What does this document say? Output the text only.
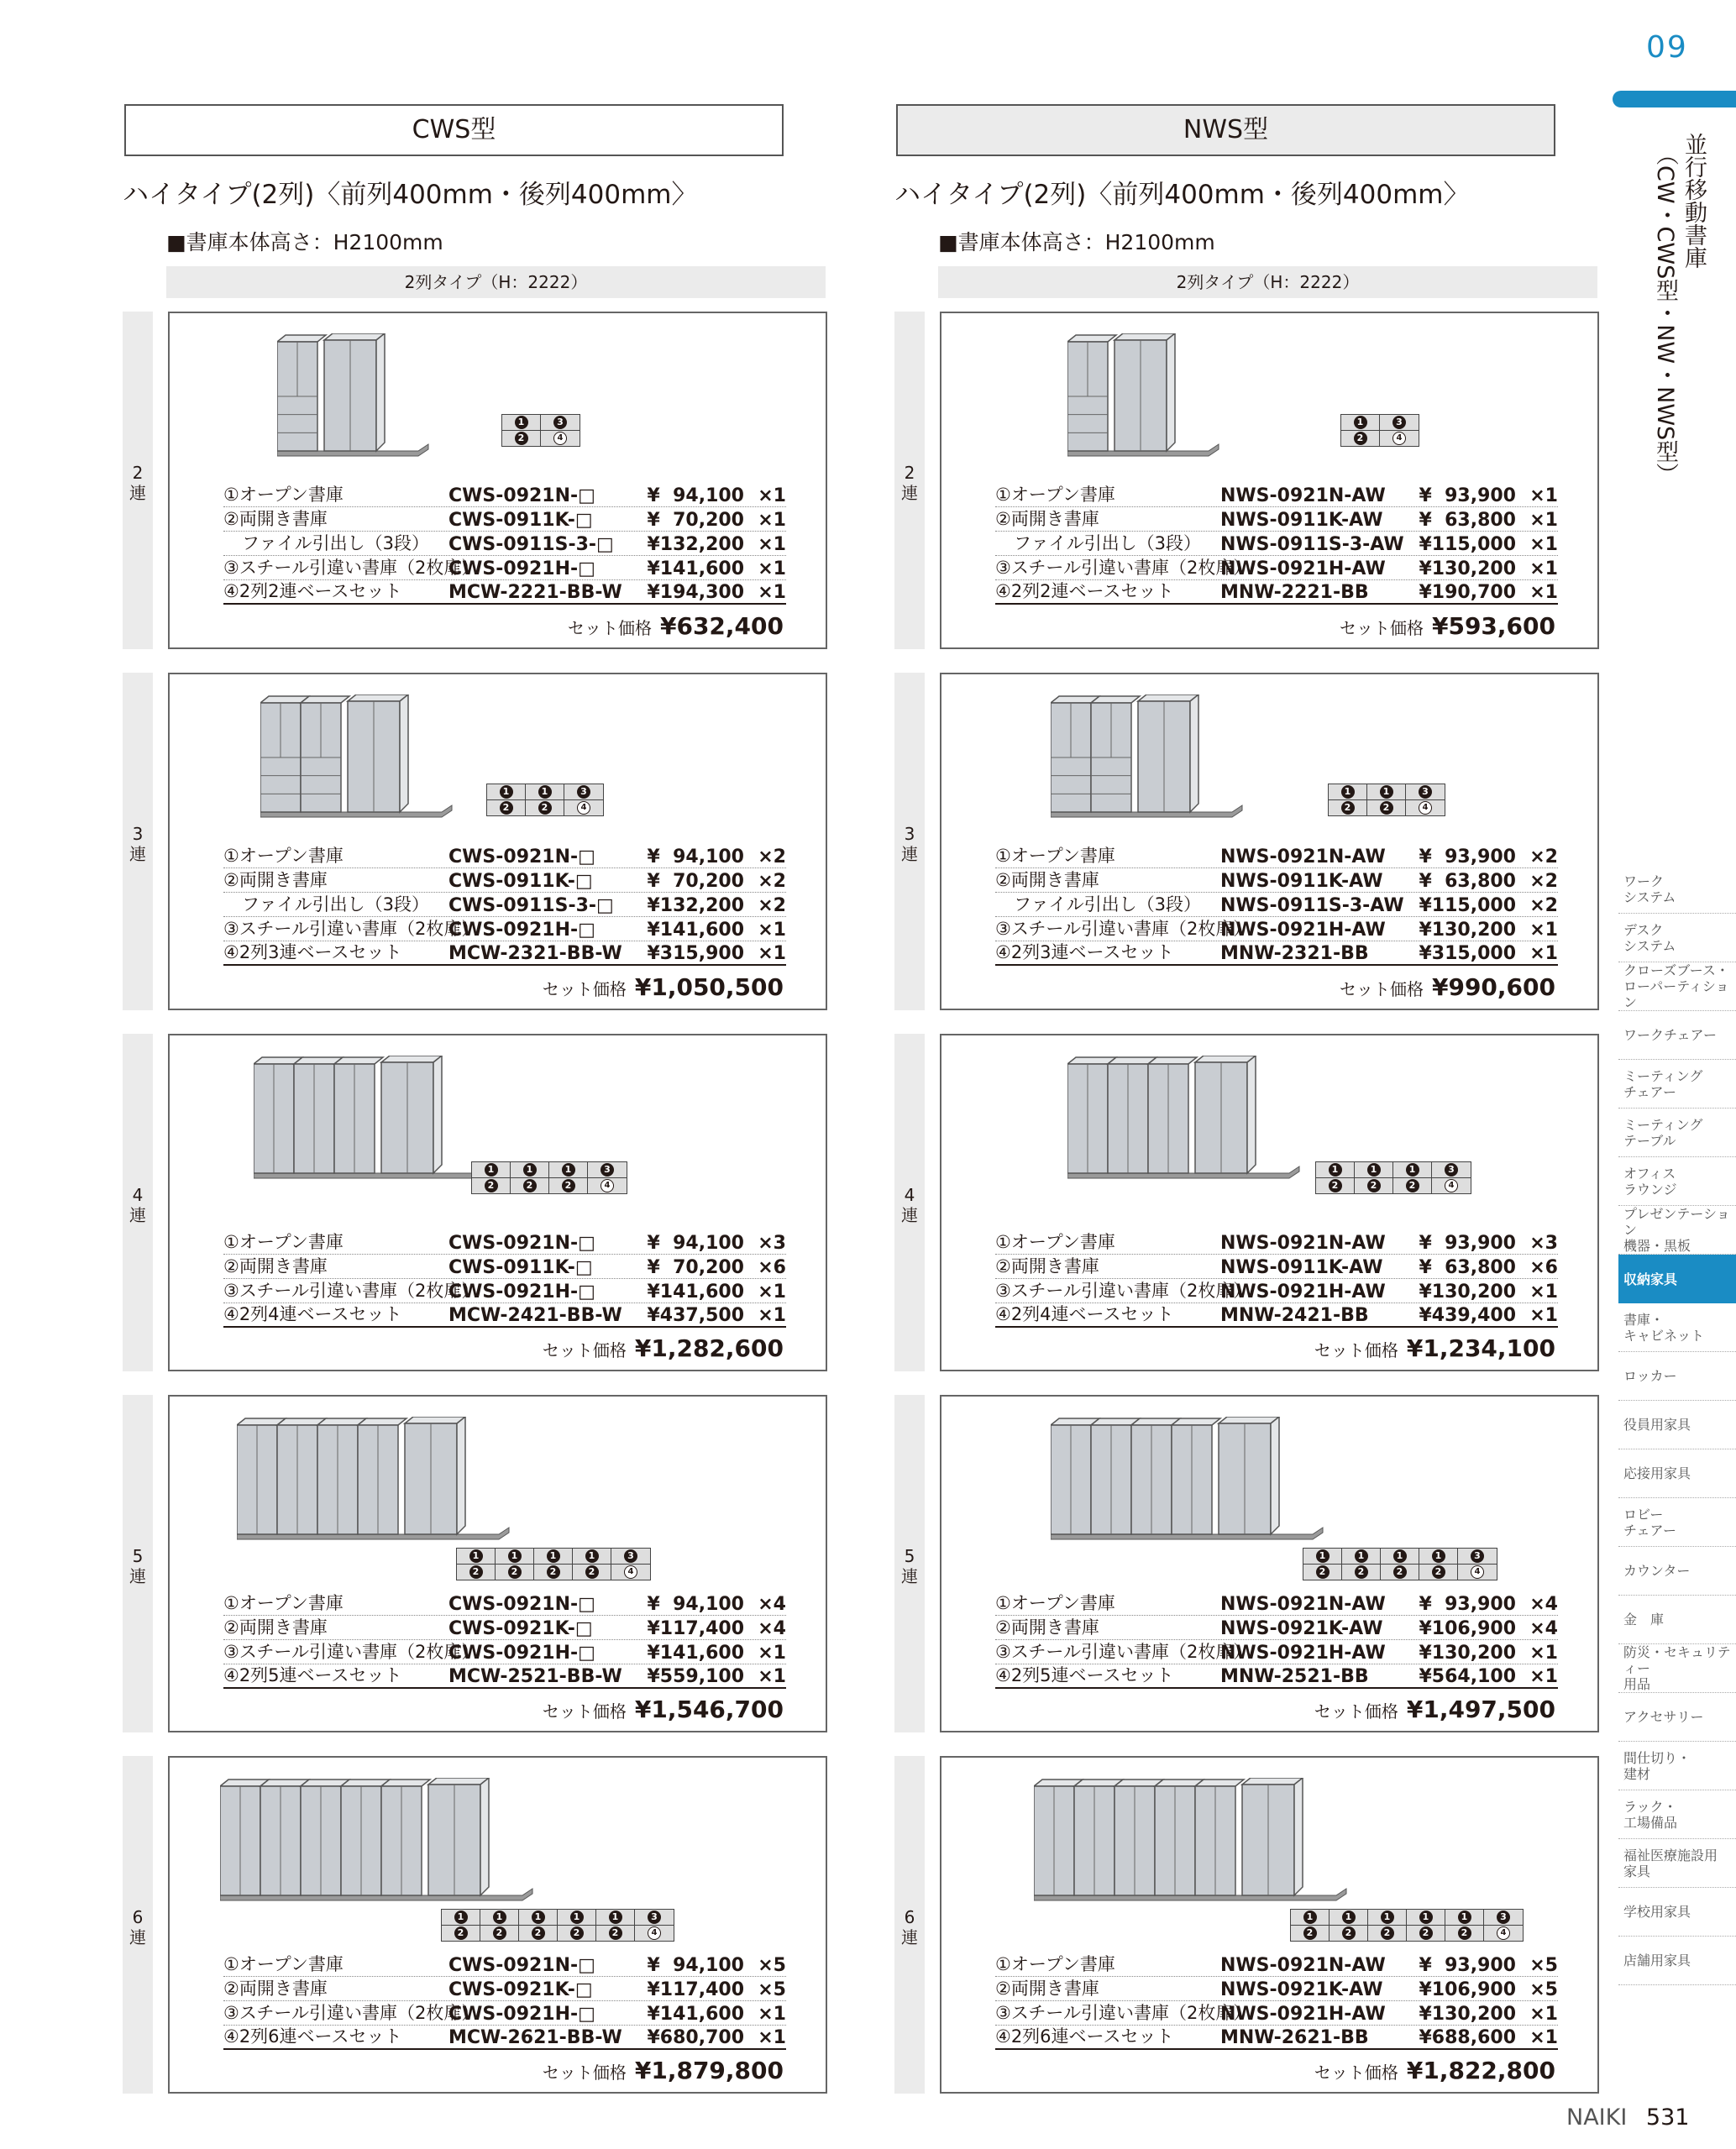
09
並行移動書庫
（CW・CWS型・NW・NWS型）
ワーク
システム
デスク
システム
クローズブース・
ローパーティション
ワークチェアー
ミーティング
チェアー
ミーティング
テーブル
オフィス
ラウンジ
プレゼンテーション
機器・黒板
収納家具
書庫・
キャビネット
ロッカー
役員用家具
応接用家具
ロビー
チェアー
カウンター
金　庫
防災・セキュリティー
用品
アクセサリー
間仕切り・
建材
ラック・
工場備品
福祉医療施設用
家具
学校用家具
店舗用家具
CWS型
ハイタイプ(2列)〈前列400mm・後列400mm〉
■書庫本体高さ：H2100mm
2列タイプ（H：2222）
2
連
1	3
2	4
①オープン書庫	CWS-0921N-□	¥  94,100 ×1
②両開き書庫	CWS-0911K-□	¥  70,200 ×1
ファイル引出し（3段）	CWS-0911S-3-□	¥132,200 ×1
③スチール引違い書庫（2枚扉）
CWS-0921H-□	¥141,600 ×1
④2列2連ベースセット	MCW-2221-BB-W	¥194,300 ×1
セット価格 ¥632,400
3
連
1	1	3
2	2	4
①オープン書庫	CWS-0921N-□	¥  94,100 ×2
②両開き書庫	CWS-0911K-□	¥  70,200 ×2
ファイル引出し（3段）	CWS-0911S-3-□	¥132,200 ×2
③スチール引違い書庫（2枚扉）
CWS-0921H-□	¥141,600 ×1
④2列3連ベースセット	MCW-2321-BB-W	¥315,900 ×1
セット価格 ¥1,050,500
4
連
1	1	1	3
2	2	2	4
①オープン書庫	CWS-0921N-□	¥  94,100 ×3
②両開き書庫	CWS-0911K-□	¥  70,200 ×6
③スチール引違い書庫（2枚扉）
CWS-0921H-□	¥141,600 ×1
④2列4連ベースセット	MCW-2421-BB-W	¥437,500 ×1
セット価格 ¥1,282,600
5
連
1	1	1	1	3
2	2	2	2	4
①オープン書庫	CWS-0921N-□	¥  94,100 ×4
②両開き書庫	CWS-0921K-□	¥117,400 ×4
③スチール引違い書庫（2枚扉）
CWS-0921H-□	¥141,600 ×1
④2列5連ベースセット	MCW-2521-BB-W	¥559,100 ×1
セット価格 ¥1,546,700
6
連
1	1	1	1	1	3
2	2	2	2	2	4
①オープン書庫	CWS-0921N-□	¥  94,100 ×5
②両開き書庫	CWS-0921K-□	¥117,400 ×5
③スチール引違い書庫（2枚扉）
CWS-0921H-□	¥141,600 ×1
④2列6連ベースセット	MCW-2621-BB-W	¥680,700 ×1
セット価格 ¥1,879,800
NWS型
ハイタイプ(2列)〈前列400mm・後列400mm〉
■書庫本体高さ：H2100mm
2列タイプ（H：2222）
2
連
1	3
2	4
①オープン書庫	NWS-0921N-AW	¥  93,900 ×1
②両開き書庫	NWS-0911K-AW	¥  63,800 ×1
ファイル引出し（3段）	NWS-0911S-3-AW ¥115,000 ×1
③スチール引違い書庫（2枚扉）
NWS-0921H-AW	¥130,200 ×1
④2列2連ベースセット	MNW-2221-BB	¥190,700 ×1
セット価格 ¥593,600
3
連
1	1	3
2	2	4
①オープン書庫	NWS-0921N-AW	¥  93,900 ×2
②両開き書庫	NWS-0911K-AW	¥  63,800 ×2
ファイル引出し（3段）	NWS-0911S-3-AW ¥115,000 ×2
③スチール引違い書庫（2枚扉）
NWS-0921H-AW	¥130,200 ×1
④2列3連ベースセット	MNW-2321-BB	¥315,000 ×1
セット価格 ¥990,600
4
連
1	1	1	3
2	2	2	4
①オープン書庫	NWS-0921N-AW	¥  93,900 ×3
②両開き書庫	NWS-0911K-AW	¥  63,800 ×6
③スチール引違い書庫（2枚扉）
NWS-0921H-AW	¥130,200 ×1
④2列4連ベースセット	MNW-2421-BB	¥439,400 ×1
セット価格 ¥1,234,100
5
連
1	1	1	1	3
2	2	2	2	4
①オープン書庫	NWS-0921N-AW	¥  93,900 ×4
②両開き書庫	NWS-0921K-AW	¥106,900 ×4
③スチール引違い書庫（2枚扉）
NWS-0921H-AW	¥130,200 ×1
④2列5連ベースセット	MNW-2521-BB	¥564,100 ×1
セット価格 ¥1,497,500
6
連
1	1	1	1	1	3
2	2	2	2	2	4
①オープン書庫	NWS-0921N-AW	¥  93,900 ×5
②両開き書庫	NWS-0921K-AW	¥106,900 ×5
③スチール引違い書庫（2枚扉）
NWS-0921H-AW	¥130,200 ×1
④2列6連ベースセット	MNW-2621-BB	¥688,600 ×1
セット価格 ¥1,822,800
NAIKI 531
